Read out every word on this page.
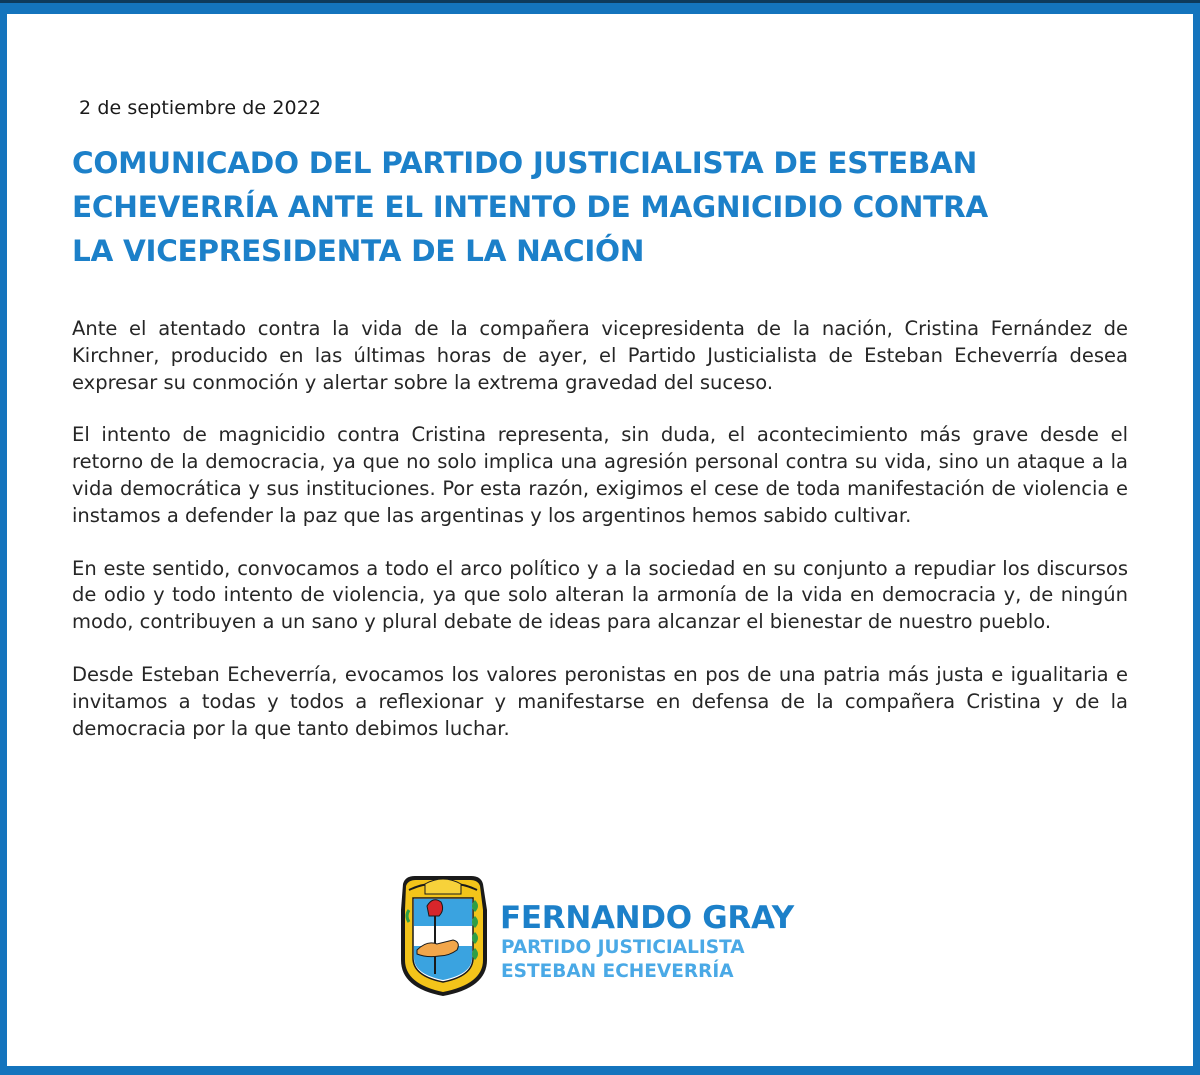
2 de septiembre de 2022
COMUNICADO DEL PARTIDO JUSTICIALISTA DE ESTEBAN
ECHEVERRÍA ANTE EL INTENTO DE MAGNICIDIO CONTRA
LA VICEPRESIDENTA DE LA NACIÓN

Ante el atentado contra la vida de la compañera vicepresidenta de la nación, Cristina Fernández de Kirchner, producido en las últimas horas de ayer, el Partido Justicialista de Esteban Echeverría desea expresar su conmoción y alertar sobre la extrema gravedad del suceso.

El intento de magnicidio contra Cristina representa, sin duda, el acontecimiento más grave desde el retorno de la democracia, ya que no solo implica una agresión personal contra su vida, sino un ataque a la vida democrática y sus instituciones. Por esta razón, exigimos el cese de toda manifestación de violencia e instamos a defender la paz que las argentinas y los argentinos hemos sabido cultivar.

En este sentido, convocamos a todo el arco político y a la sociedad en su conjunto a repudiar los discursos de odio y todo intento de violencia, ya que solo alteran la armonía de la vida en democracia y, de ningún modo, contribuyen a un sano y plural debate de ideas para alcanzar el bienestar de nuestro pueblo.

Desde Esteban Echeverría, evocamos los valores peronistas en pos de una patria más justa e igualitaria e invitamos a todas y todos a reflexionar y manifestarse en defensa de la compañera Cristina y de la democracia por la que tanto debimos luchar.

FERNANDO GRAY
PARTIDO JUSTICIALISTA
ESTEBAN ECHEVERRÍA
